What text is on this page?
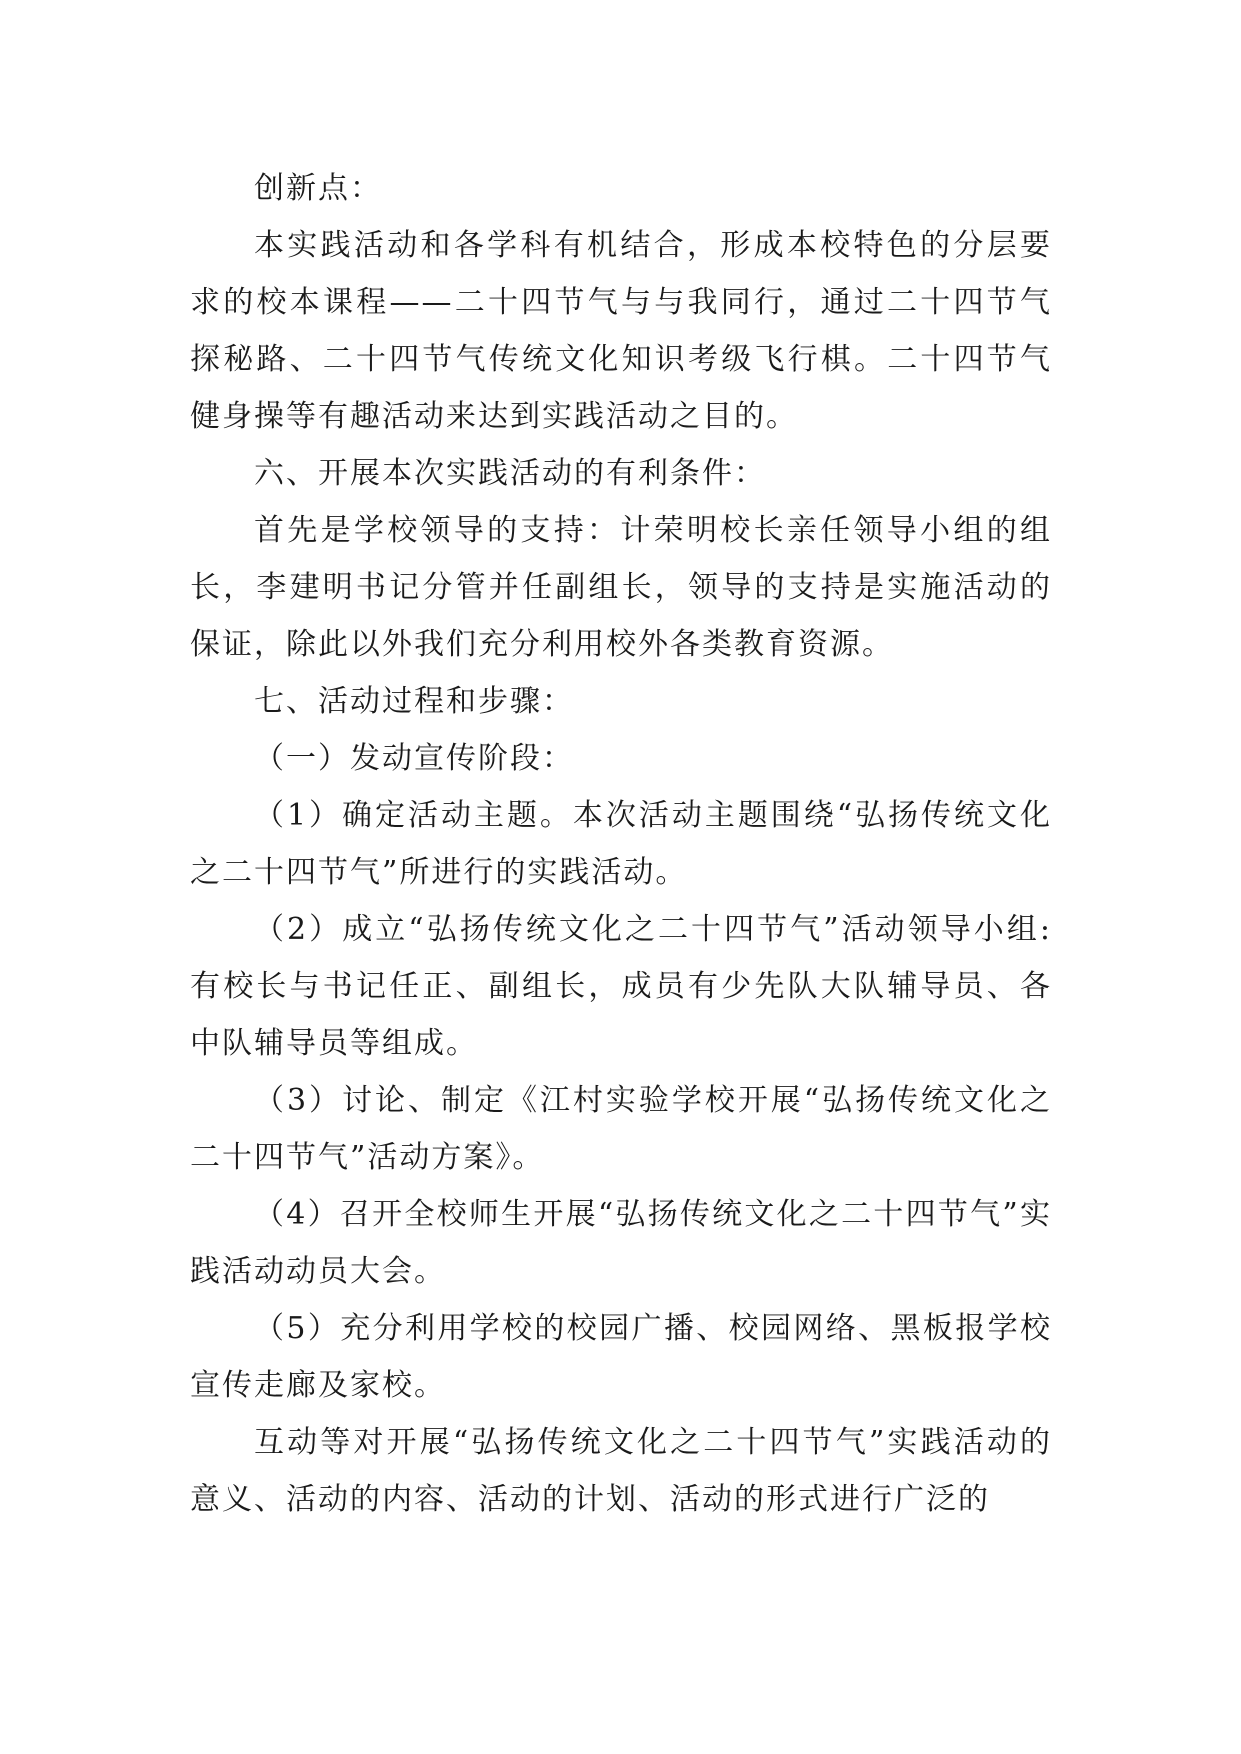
创新点：

本实践活动和各学科有机结合，形成本校特色的分层要求的校本课程——二十四节气与与我同行，通过二十四节气探秘路、二十四节气传统文化知识考级飞行棋。二十四节气健身操等有趣活动来达到实践活动之目的。

六、开展本次实践活动的有利条件：

首先是学校领导的支持：计荣明校长亲任领导小组的组长，李建明书记分管并任副组长，领导的支持是实施活动的保证，除此以外我们充分利用校外各类教育资源。

七、活动过程和步骤：

（一）发动宣传阶段：

（1）确定活动主题。本次活动主题围绕“弘扬传统文化之二十四节气”所进行的实践活动。

（2）成立“弘扬传统文化之二十四节气”活动领导小组:有校长与书记任正、副组长，成员有少先队大队辅导员、各中队辅导员等组成。

（3）讨论、制定《江村实验学校开展“弘扬传统文化之二十四节气”活动方案》。

（4）召开全校师生开展“弘扬传统文化之二十四节气”实践活动动员大会。

（5）充分利用学校的校园广播、校园网络、黑板报学校宣传走廊及家校。

互动等对开展“弘扬传统文化之二十四节气”实践活动的意义、活动的内容、活动的计划、活动的形式进行广泛的
